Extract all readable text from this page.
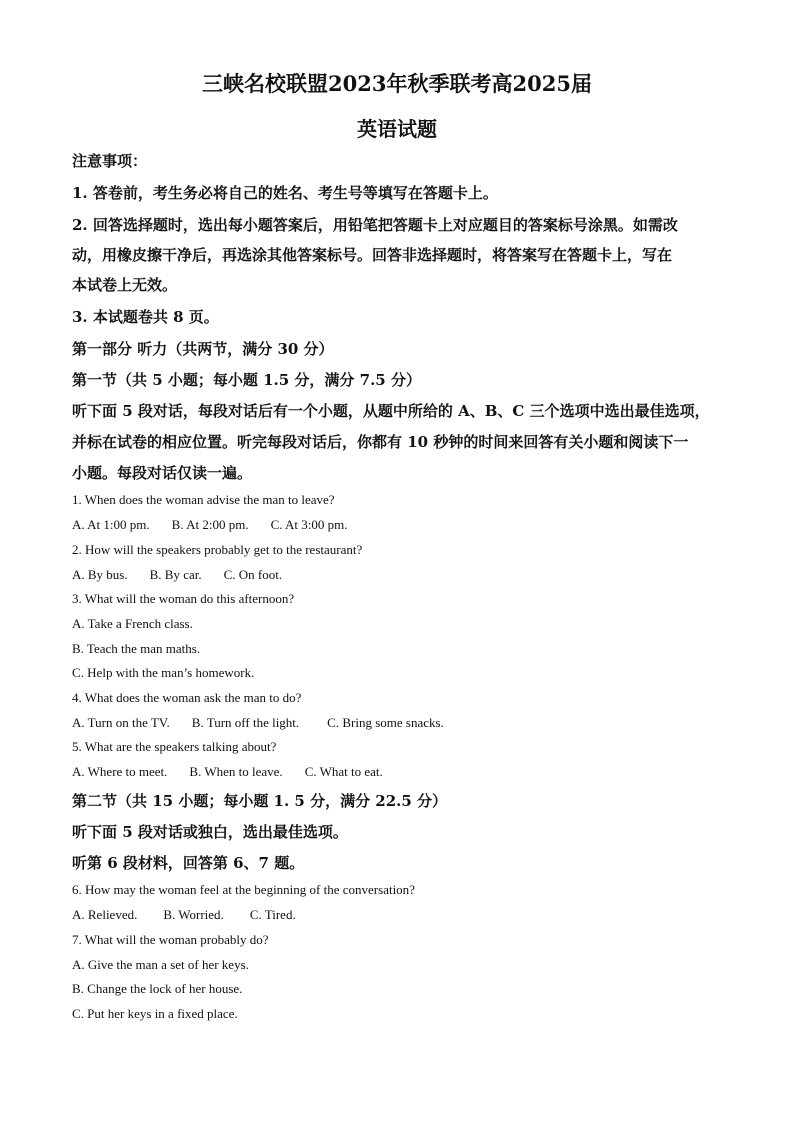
三峡名校联盟2023年秋季联考高2025届
英语试题
注意事项：
1. 答卷前，考生务必将自己的姓名、考生号等填写在答题卡上。
2. 回答选择题时，选出每小题答案后，用铅笔把答题卡上对应题目的答案标号涂黑。如需改
动，用橡皮擦干净后，再选涂其他答案标号。回答非选择题时，将答案写在答题卡上，写在
本试卷上无效。
3. 本试题卷共 8 页。
第一部分 听力（共两节，满分 30 分）
第一节（共 5 小题；每小题 1.5 分，满分 7.5 分）
听下面 5 段对话，每段对话后有一个小题，从题中所给的 A、B、C 三个选项中选出最佳选项，
并标在试卷的相应位置。听完每段对话后，你都有 10 秒钟的时间来回答有关小题和阅读下一
小题。每段对话仅读一遍。
1. When does the woman advise the man to leave?
A. At 1:00 pm. B. At 2:00 pm. C. At 3:00 pm.
2. How will the speakers probably get to the restaurant?
A. By bus. B. By car. C. On foot.
3. What will the woman do this afternoon?
A. Take a French class.
B. Teach the man maths.
C. Help with the man’s homework.
4. What does the woman ask the man to do?
A. Turn on the TV. B. Turn off the light. C. Bring some snacks.
5. What are the speakers talking about?
A. Where to meet. B. When to leave. C. What to eat.
第二节（共 15 小题；每小题 1. 5 分，满分 22.5 分）
听下面 5 段对话或独白，选出最佳选项。
听第 6 段材料，回答第 6、7 题。
6. How may the woman feel at the beginning of the conversation?
A. Relieved. B. Worried. C. Tired.
7. What will the woman probably do?
A. Give the man a set of her keys.
B. Change the lock of her house.
C. Put her keys in a fixed place.
